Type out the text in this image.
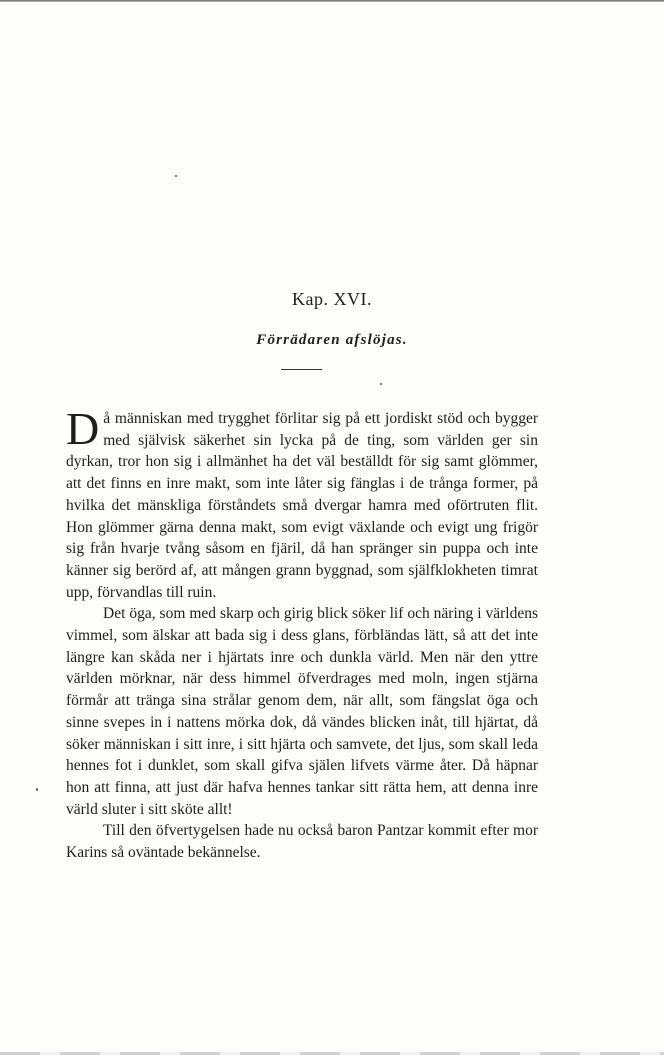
Kap. XVI.
Förrädaren afslöjas.

Då människan med trygghet förlitar sig på ett jordiskt stöd och bygger med självisk säkerhet sin lycka på de ting, som världen ger sin dyrkan, tror hon sig i allmänhet ha det väl beställdt för sig samt glömmer, att det finns en inre makt, som inte låter sig fänglas i de trånga former, på hvilka det mänskliga förståndets små dvergar hamra med oförtruten flit. Hon glömmer gärna denna makt, som evigt växlande och evigt ung frigör sig från hvarje tvång såsom en fjäril, då han spränger sin puppa och inte känner sig berörd af, att mången grann byggnad, som själfklokheten timrat upp, förvandlas till ruin.

Det öga, som med skarp och girig blick söker lif och näring i världens vimmel, som älskar att bada sig i dess glans, förbländas lätt, så att det inte längre kan skåda ner i hjärtats inre och dunkla värld. Men när den yttre världen mörknar, när dess himmel öfverdrages med moln, ingen stjärna förmår att tränga sina strålar genom dem, när allt, som fängslat öga och sinne svepes in i nattens mörka dok, då vändes blicken inåt, till hjärtat, då söker människan i sitt inre, i sitt hjärta och samvete, det ljus, som skall leda hennes fot i dunklet, som skall gifva själen lifvets värme åter. Då häpnar hon att finna, att just där hafva hennes tankar sitt rätta hem, att denna inre värld sluter i sitt sköte allt!

Till den öfvertygelsen hade nu också baron Pantzar kommit efter mor Karins så oväntade bekännelse.
